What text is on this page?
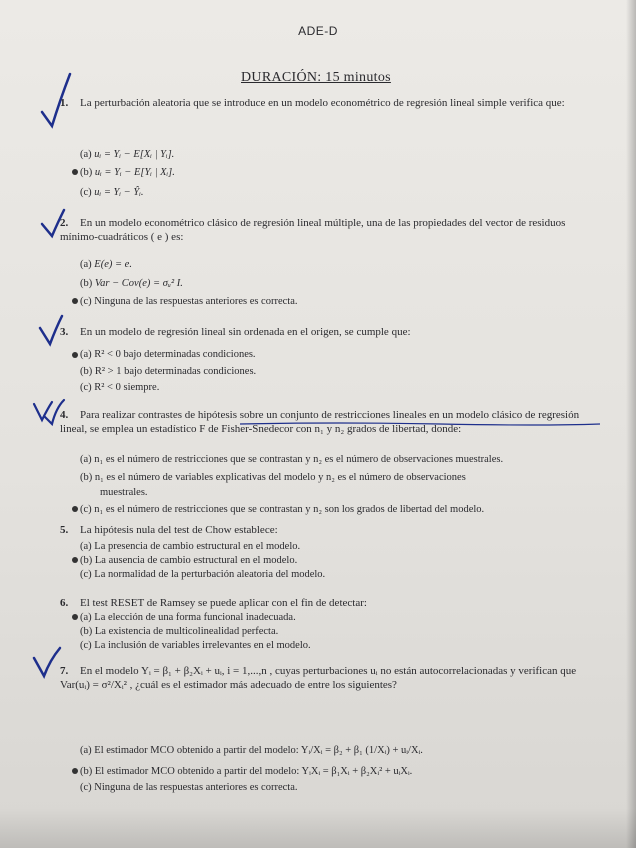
ADE-D
DURACIÓN: 15 minutos
1. La perturbación aleatoria que se introduce en un modelo econométrico de regresión lineal simple verifica que:
(a) uᵢ = Yᵢ − E[Xᵢ | Yᵢ].
(b) uᵢ = Yᵢ − E[Yᵢ | Xᵢ].
(c) uᵢ = Yᵢ − Ŷᵢ.
2. En un modelo econométrico clásico de regresión lineal múltiple, una de las propiedades del vector de residuos mínimo-cuadráticos ( e ) es:
(a) E(e) = e.
(b) Var − Cov(e) = σᵤ² I.
(c) Ninguna de las respuestas anteriores es correcta.
3. En un modelo de regresión lineal sin ordenada en el origen, se cumple que:
(a) R² < 0 bajo determinadas condiciones.
(b) R² > 1 bajo determinadas condiciones.
(c) R² < 0 siempre.
4. Para realizar contrastes de hipótesis sobre un conjunto de restricciones lineales en un modelo clásico de regresión lineal, se emplea un estadístico F de Fisher-Snedecor con n₁ y n₂ grados de libertad, donde:
(a) n₁ es el número de restricciones que se contrastan y n₂ es el número de observaciones muestrales.
(b) n₁ es el número de variables explicativas del modelo y n₂ es el número de observaciones
muestrales.
(c) n₁ es el número de restricciones que se contrastan y n₂ son los grados de libertad del modelo.
5. La hipótesis nula del test de Chow establece:
(a) La presencia de cambio estructural en el modelo.
(b) La ausencia de cambio estructural en el modelo.
(c) La normalidad de la perturbación aleatoria del modelo.
6. El test RESET de Ramsey se puede aplicar con el fin de detectar:
(a) La elección de una forma funcional inadecuada.
(b) La existencia de multicolinealidad perfecta.
(c) La inclusión de variables irrelevantes en el modelo.
7. En el modelo Yᵢ = β₁ + β₂Xᵢ + uᵢ, i = 1,...,n , cuyas perturbaciones uᵢ no están autocorrelacionadas y verifican que Var(uᵢ) = σ²/Xᵢ² , ¿cuál es el estimador más adecuado de entre los siguientes?
(a) El estimador MCO obtenido a partir del modelo: Yᵢ/Xᵢ = β₂ + β₁ (1/Xᵢ) + uᵢ/Xᵢ.
(b) El estimador MCO obtenido a partir del modelo: YᵢXᵢ = β₁Xᵢ + β₂Xᵢ² + uᵢXᵢ.
(c) Ninguna de las respuestas anteriores es correcta.
